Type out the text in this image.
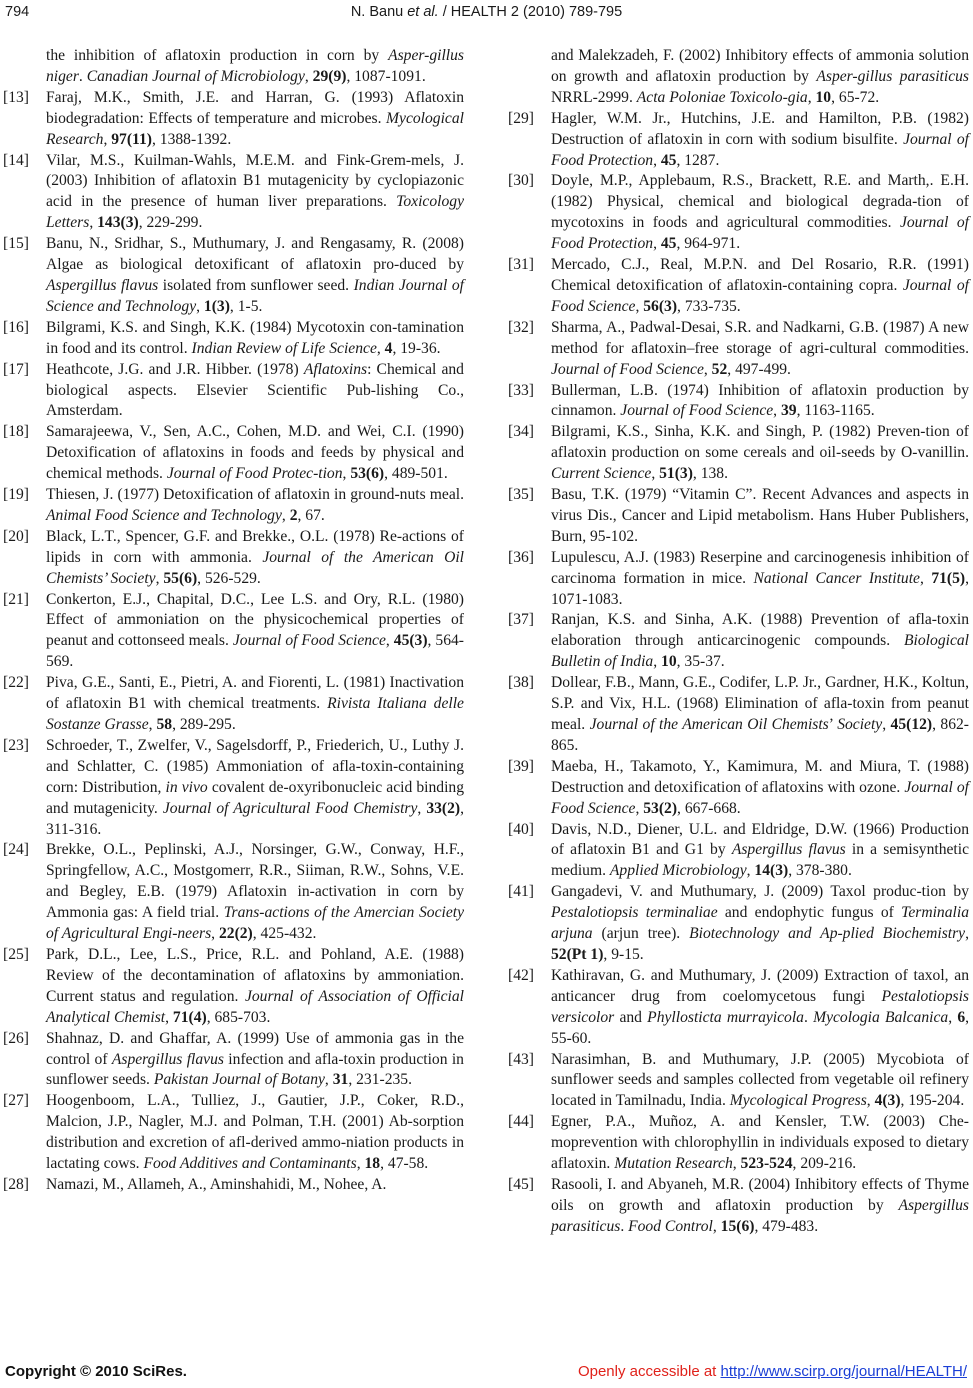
794	N. Banu et al. / HEALTH 2 (2010) 789-795

the inhibition of aflatoxin production in corn by Asper-gillus niger. Canadian Journal of Microbiology, 29(9), 1087-1091.

[13] Faraj, M.K., Smith, J.E. and Harran, G. (1993) Aflatoxin biodegradation: Effects of temperature and microbes. Mycological Research, 97(11), 1388-1392.

[14] Vilar, M.S., Kuilman-Wahls, M.E.M. and Fink-Grem-mels, J. (2003) Inhibition of aflatoxin B1 mutagenicity by cyclopiazonic acid in the presence of human liver preparations. Toxicology Letters, 143(3), 229-299.

[15] Banu, N., Sridhar, S., Muthumary, J. and Rengasamy, R. (2008) Algae as biological detoxificant of aflatoxin pro-duced by Aspergillus flavus isolated from sunflower seed. Indian Journal of Science and Technology, 1(3), 1-5.

[16] Bilgrami, K.S. and Singh, K.K. (1984) Mycotoxin con-tamination in food and its control. Indian Review of Life Science, 4, 19-36.

[17] Heathcote, J.G. and J.R. Hibber. (1978) Aflatoxins: Chemical and biological aspects. Elsevier Scientific Pub-lishing Co., Amsterdam.

[18] Samarajeewa, V., Sen, A.C., Cohen, M.D. and Wei, C.I. (1990) Detoxification of aflatoxins in foods and feeds by physical and chemical methods. Journal of Food Protec-tion, 53(6), 489-501.

[19] Thiesen, J. (1977) Detoxification of aflatoxin in ground-nuts meal. Animal Food Science and Technology, 2, 67.

[20] Black, L.T., Spencer, G.F. and Brekke., O.L. (1978) Re-actions of lipids in corn with ammonia. Journal of the American Oil Chemists’ Society, 55(6), 526-529.

[21] Conkerton, E.J., Chapital, D.C., Lee L.S. and Ory, R.L. (1980) Effect of ammoniation on the physicochemical properties of peanut and cottonseed meals. Journal of Food Science, 45(3), 564-569.

[22] Piva, G.E., Santi, E., Pietri, A. and Fiorenti, L. (1981) Inactivation of aflatoxin B1 with chemical treatments. Rivista Italiana delle Sostanze Grasse, 58, 289-295.

[23] Schroeder, T., Zwelfer, V., Sagelsdorff, P., Friederich, U., Luthy J. and Schlatter, C. (1985) Ammoniation of afla-toxin-containing corn: Distribution, in vivo covalent de-oxyribonucleic acid binding and mutagenicity. Journal of Agricultural Food Chemistry, 33(2), 311-316.

[24] Brekke, O.L., Peplinski, A.J., Norsinger, G.W., Conway, H.F., Springfellow, A.C., Mostgomerr, R.R., Siiman, R.W., Sohns, V.E. and Begley, E.B. (1979) Aflatoxin in-activation in corn by Ammonia gas: A field trial. Trans-actions of the Amercian Society of Agricultural Engi-neers, 22(2), 425-432.

[25] Park, D.L., Lee, L.S., Price, R.L. and Pohland, A.E. (1988) Review of the decontamination of aflatoxins by ammoniation. Current status and regulation. Journal of Association of Official Analytical Chemist, 71(4), 685-703.

[26] Shahnaz, D. and Ghaffar, A. (1999) Use of ammonia gas in the control of Aspergillus flavus infection and afla-toxin production in sunflower seeds. Pakistan Journal of Botany, 31, 231-235.

[27] Hoogenboom, L.A., Tulliez, J., Gautier, J.P., Coker, R.D., Malcion, J.P., Nagler, M.J. and Polman, T.H. (2001) Ab-sorption distribution and excretion of afl-derived ammo-niation products in lactating cows. Food Additives and Contaminants, 18, 47-58.

[28] Namazi, M., Allameh, A., Aminshahidi, M., Nohee, A.

and Malekzadeh, F. (2002) Inhibitory effects of ammonia solution on growth and aflatoxin production by Asper-gillus parasiticus NRRL-2999. Acta Poloniae Toxicolo-gia, 10, 65-72.

[29] Hagler, W.M. Jr., Hutchins, J.E. and Hamilton, P.B. (1982) Destruction of aflatoxin in corn with sodium bisulfite. Journal of Food Protection, 45, 1287.

[30] Doyle, M.P., Applebaum, R.S., Brackett, R.E. and Marth,. E.H. (1982) Physical, chemical and biological degrada-tion of mycotoxins in foods and agricultural commodities. Journal of Food Protection, 45, 964-971.

[31] Mercado, C.J., Real, M.P.N. and Del Rosario, R.R. (1991) Chemical detoxification of aflatoxin-containing copra. Journal of Food Science, 56(3), 733-735.

[32] Sharma, A., Padwal-Desai, S.R. and Nadkarni, G.B. (1987) A new method for aflatoxin–free storage of agri-cultural commodities. Journal of Food Science, 52, 497-499.

[33] Bullerman, L.B. (1974) Inhibition of aflatoxin production by cinnamon. Journal of Food Science, 39, 1163-1165.

[34] Bilgrami, K.S., Sinha, K.K. and Singh, P. (1982) Preven-tion of aflatoxin production on some cereals and oil-seeds by O-vanillin. Current Science, 51(3), 138.

[35] Basu, T.K. (1979) “Vitamin C”. Recent Advances and aspects in virus Dis., Cancer and Lipid metabolism. Hans Huber Publishers, Burn, 95-102.

[36] Lupulescu, A.J. (1983) Reserpine and carcinogenesis inhibition of carcinoma formation in mice. National Cancer Institute, 71(5), 1071-1083.

[37] Ranjan, K.S. and Sinha, A.K. (1988) Prevention of afla-toxin elaboration through anticarcinogenic compounds. Biological Bulletin of India, 10, 35-37.

[38] Dollear, F.B., Mann, G.E., Codifer, L.P. Jr., Gardner, H.K., Koltun, S.P. and Vix, H.L. (1968) Elimination of afla-toxin from peanut meal. Journal of the American Oil Chemists’ Society, 45(12), 862-865.

[39] Maeba, H., Takamoto, Y., Kamimura, M. and Miura, T. (1988) Destruction and detoxification of aflatoxins with ozone. Journal of Food Science, 53(2), 667-668.

[40] Davis, N.D., Diener, U.L. and Eldridge, D.W. (1966) Production of aflatoxin B1 and G1 by Aspergillus flavus in a semisynthetic medium. Applied Microbiology, 14(3), 378-380.

[41] Gangadevi, V. and Muthumary, J. (2009) Taxol produc-tion by Pestalotiopsis terminaliae and endophytic fungus of Terminalia arjuna (arjun tree). Biotechnology and Ap-plied Biochemistry, 52(Pt 1), 9-15.

[42] Kathiravan, G. and Muthumary, J. (2009) Extraction of taxol, an anticancer drug from coelomycetous fungi Pestalotiopsis versicolor and Phyllosticta murrayicola. Mycologia Balcanica, 6, 55-60.

[43] Narasimhan, B. and Muthumary, J.P. (2005) Mycobiota of sunflower seeds and samples collected from vegetable oil refinery located in Tamilnadu, India. Mycological Progress, 4(3), 195-204.

[44] Egner, P.A., Muñoz, A. and Kensler, T.W. (2003) Che-moprevention with chlorophyllin in individuals exposed to dietary aflatoxin. Mutation Research, 523-524, 209-216.

[45] Rasooli, I. and Abyaneh, M.R. (2004) Inhibitory effects of Thyme oils on growth and aflatoxin production by Aspergillus parasiticus. Food Control, 15(6), 479-483.

Copyright © 2010 SciRes.	Openly accessible at http://www.scirp.org/journal/HEALTH/
